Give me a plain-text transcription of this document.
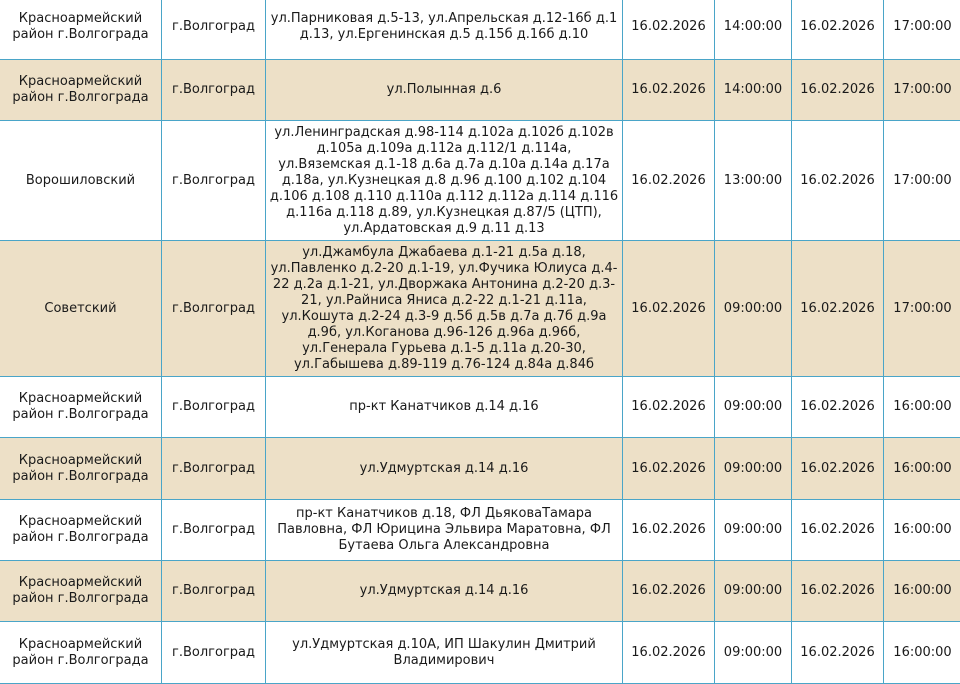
Красноармейский район г.Волгограда	г.Волгоград	ул.Парниковая д.5-13, ул.Апрельская д.12-16б д.1 д.13, ул.Ергенинская д.5 д.15б д.16б д.10	16.02.2026	14:00:00	16.02.2026	17:00:00
Красноармейский район г.Волгограда	г.Волгоград	ул.Полынная д.6	16.02.2026	14:00:00	16.02.2026	17:00:00
Ворошиловский	г.Волгоград	ул.Ленинградская д.98-114 д.102а д.102б д.102в д.105а д.109а д.112а д.112/1 д.114а, ул.Вяземская д.1-18 д.6а д.7а д.10а д.14а д.17а д.18а, ул.Кузнецкая д.8 д.96 д.100 д.102 д.104 д.106 д.108 д.110 д.110а д.112 д.112а д.114 д.116 д.116а д.118 д.89, ул.Кузнецкая д.87/5 (ЦТП), ул.Ардатовская д.9 д.11 д.13	16.02.2026	13:00:00	16.02.2026	17:00:00
Советский	г.Волгоград	ул.Джамбула Джабаева д.1-21 д.5а д.18, ул.Павленко д.2-20 д.1-19, ул.Фучика Юлиуса д.4-22 д.2а д.1-21, ул.Дворжака Антонина д.2-20 д.3-21, ул.Райниса Яниса д.2-22 д.1-21 д.11а, ул.Кошута д.2-24 д.3-9 д.5б д.5в д.7а д.7б д.9а д.9б, ул.Коганова д.96-126 д.96а д.96б, ул.Генерала Гурьева д.1-5 д.11а д.20-30, ул.Габышева д.89-119 д.76-124 д.84а д.84б	16.02.2026	09:00:00	16.02.2026	17:00:00
Красноармейский район г.Волгограда	г.Волгоград	пр-кт Канатчиков д.14 д.16	16.02.2026	09:00:00	16.02.2026	16:00:00
Красноармейский район г.Волгограда	г.Волгоград	ул.Удмуртская д.14 д.16	16.02.2026	09:00:00	16.02.2026	16:00:00
Красноармейский район г.Волгограда	г.Волгоград	пр-кт Канатчиков д.18, ФЛ ДьяковаТамара Павловна, ФЛ Юрицина Эльвира Маратовна, ФЛ Бутаева Ольга Александровна	16.02.2026	09:00:00	16.02.2026	16:00:00
Красноармейский район г.Волгограда	г.Волгоград	ул.Удмуртская д.14 д.16	16.02.2026	09:00:00	16.02.2026	16:00:00
Красноармейский район г.Волгограда	г.Волгоград	ул.Удмуртская д.10А, ИП Шакулин Дмитрий Владимирович	16.02.2026	09:00:00	16.02.2026	16:00:00
